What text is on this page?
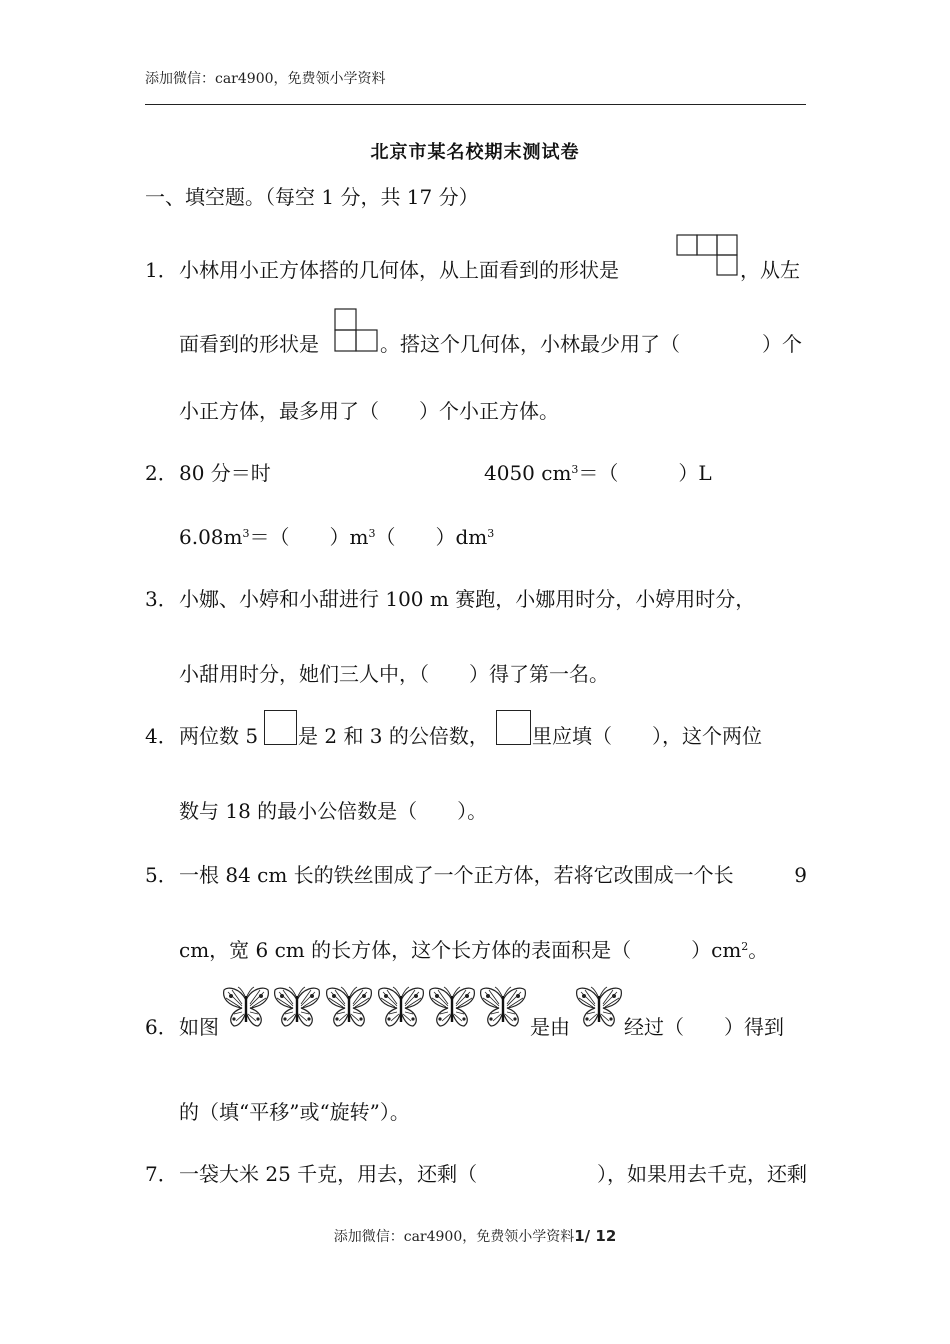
添加微信：car4900，免费领小学资料
北京市某名校期末测试卷
一、填空题。（每空 1 分，共 17 分）
1． 小林用小正方体搭的几何体，从上面看到的形状是	，从左
面看到的形状是	。搭这个几何体，小林最少用了（	）个
小正方体，最多用了（　　）个小正方体。
2． 80 分＝时	4050 $cm^3=$（　　　）L
$6.08m^3=$（　　）$m^3$（　　）$dm^3$
3． 小娜、小婷和小甜进行 100 m 赛跑，小娜用时分，小婷用时分，
小甜用时分，她们三人中，（　　）得了第一名。
4． 两位数 5 是 2 和 3 的公倍数， 里应填（　　），这个两位
数与 18 的最小公倍数是（　　）。
5． 一根 84 cm 长的铁丝围成了一个正方体，若将它改围成一个长	9
cm，宽 6 cm 的长方体，这个长方体的表面积是（　　　）$cm^2$。
6． 如图	是由	经过（　　）得到
的（填“平移”或“旋转”）。
7． 一袋大米 25 千克，用去，还剩（	），如果用去千克，还剩
添加微信：car4900，免费领小学资料1/ 12
